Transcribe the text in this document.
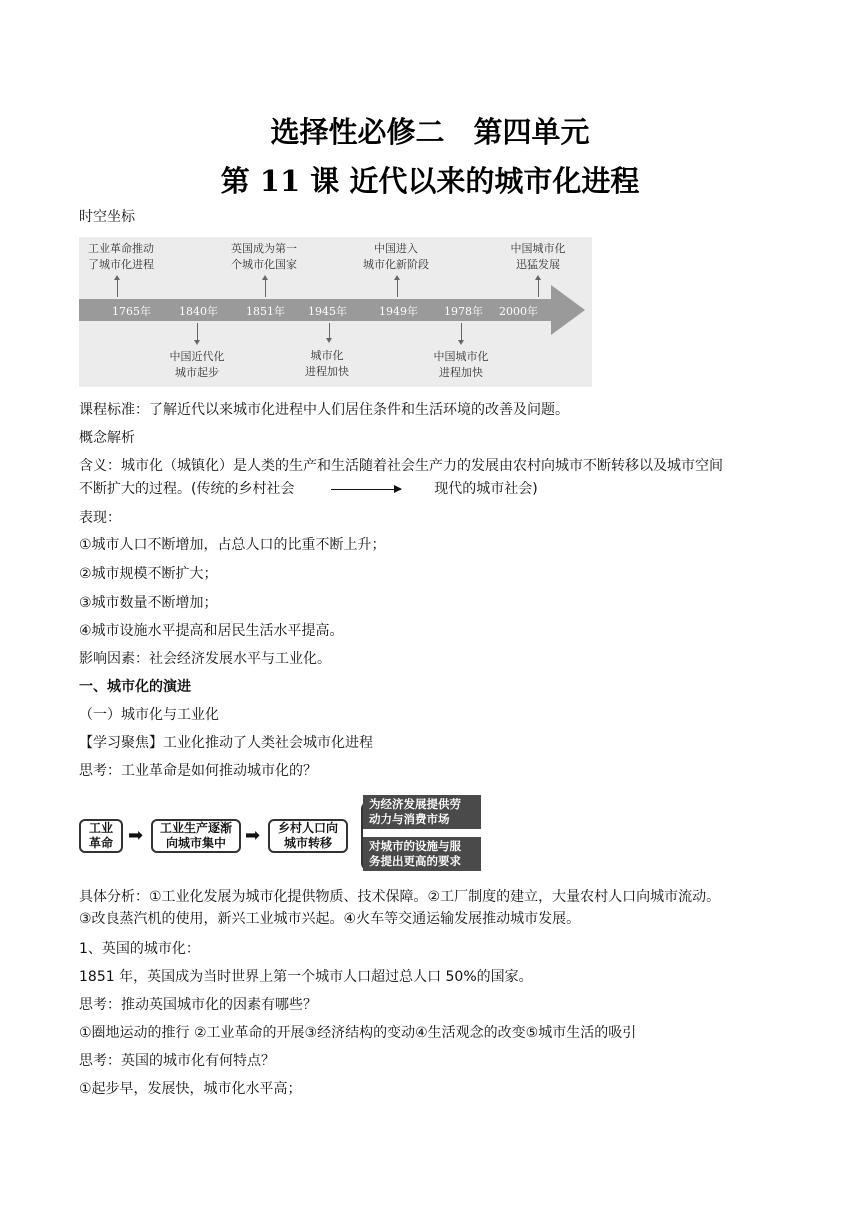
选择性必修二　第四单元
第 11 课 近代以来的城市化进程
时空坐标
1765年	1840年	1851年 1945年	1949年 1978年 2000年
工业革命推动
了城市化进程
英国成为第一
个城市化国家
中国进入
城市化新阶段
中国城市化
迅猛发展
中国近代化
城市起步
城市化
进程加快
中国城市化
进程加快
课程标准：了解近代以来城市化进程中人们居住条件和生活环境的改善及问题。
概念解析
含义：城市化（城镇化）是人类的生产和生活随着社会生产力的发展由农村向城市不断转移以及城市空间
不断扩大的过程。(传统的乡村社会	现代的城市社会)
表现：
①城市人口不断增加，占总人口的比重不断上升；
②城市规模不断扩大；
③城市数量不断增加；
④城市设施水平提高和居民生活水平提高。
影响因素：社会经济发展水平与工业化。
一、城市化的演进
（一）城市化与工业化
【学习聚焦】工业化推动了人类社会城市化进程
思考：工业革命是如何推动城市化的？
工业
革命 ➡ 工业生产逐渐
向城市集中	➡ 乡村人口向
城市转移
为经济发展提供劳
动力与消费市场
对城市的设施与服
务提出更高的要求
具体分析：①工业化发展为城市化提供物质、技术保障。②工厂制度的建立，大量农村人口向城市流动。
③改良蒸汽机的使用，新兴工业城市兴起。④火车等交通运输发展推动城市发展。
1、英国的城市化：
1851 年，英国成为当时世界上第一个城市人口超过总人口 50%的国家。
思考：推动英国城市化的因素有哪些？
①圈地运动的推行 ②工业革命的开展③经济结构的变动④生活观念的改变⑤城市生活的吸引
思考：英国的城市化有何特点？
①起步早，发展快，城市化水平高；
